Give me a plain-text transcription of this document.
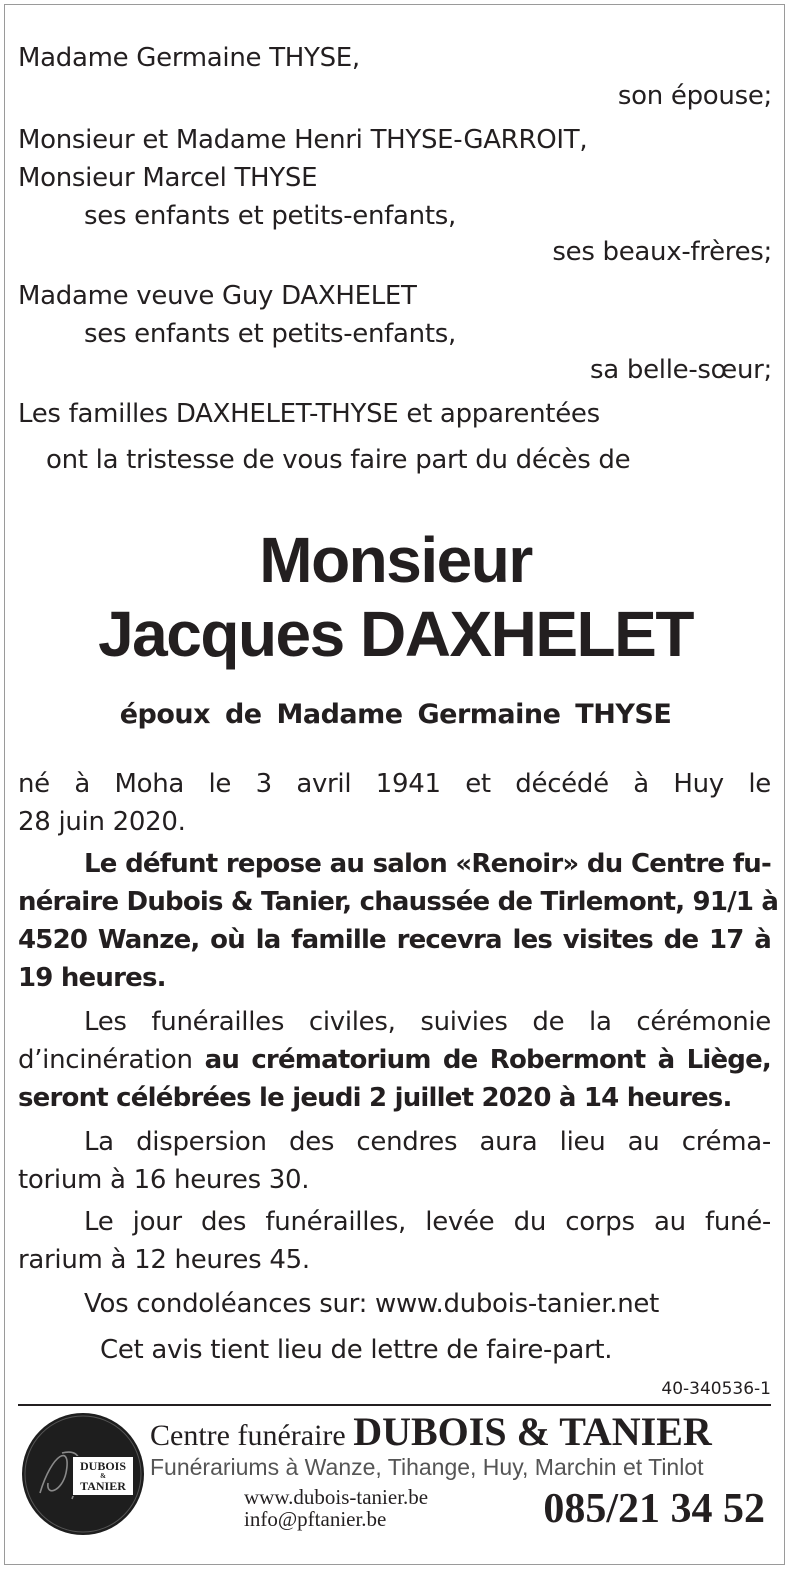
Madame Germaine THYSE,
son épouse;
Monsieur et Madame Henri THYSE-GARROIT,
Monsieur Marcel THYSE
ses enfants et petits-enfants,
ses beaux-frères;
Madame veuve Guy DAXHELET
ses enfants et petits-enfants,
sa belle-sœur;
Les familles DAXHELET-THYSE et apparentées
ont la tristesse de vous faire part du décès de
Monsieur
Jacques DAXHELET
époux de Madame Germaine THYSE
né à Moha le 3 avril 1941 et décédé à Huy le
28 juin 2020.
Le défunt repose au salon «Renoir» du Centre fu-
néraire Dubois & Tanier, chaussée de Tirlemont, 91/1 à
4520 Wanze, où la famille recevra les visites de 17 à
19 heures.
Les funérailles civiles, suivies de la cérémonie
d’incinération au crématorium de Robermont à Liège,
seront célébrées le jeudi 2 juillet 2020 à 14 heures.
La dispersion des cendres aura lieu au créma-
torium à 16 heures 30.
Le jour des funérailles, levée du corps au funé-
rarium à 12 heures 45.
Vos condoléances sur: www.dubois-tanier.net
Cet avis tient lieu de lettre de faire-part.
40-340536-1
DUBOIS
&
TANIER
Centre funéraire DUBOIS & TANIER
Funérariums à Wanze, Tihange, Huy, Marchin et Tinlot
www.dubois-tanier.be
info@pftanier.be	085/21 34 52
